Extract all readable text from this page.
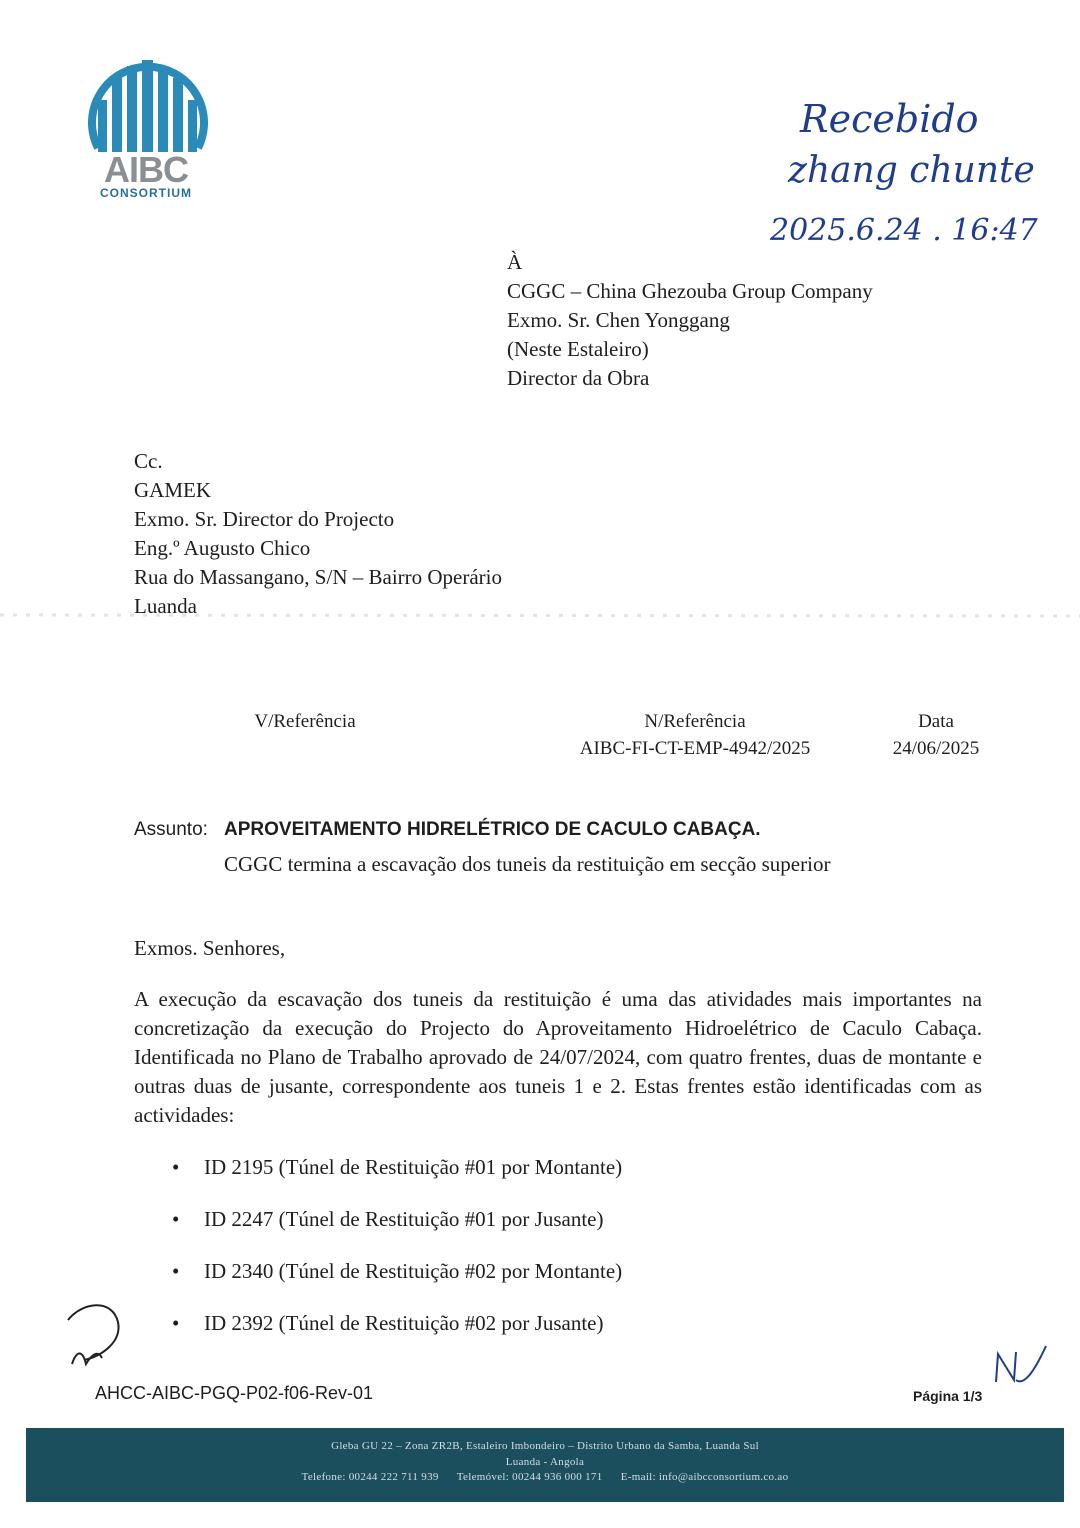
AIBC
CONSORTIUM
Recebido
zhang chunte
2025.6.24 . 16:47
À
CGGC – China Ghezouba Group Company
Exmo. Sr. Chen Yonggang
(Neste Estaleiro)
Director da Obra
Cc.
GAMEK
Exmo. Sr. Director do Projecto
Eng.º Augusto Chico
Rua do Massangano, S/N – Bairro Operário
Luanda
V/Referência	N/Referência
AIBC-FI-CT-EMP-4942/2025
Data
24/06/2025
Assunto: APROVEITAMENTO HIDRELÉTRICO DE CACULO CABAÇA.
CGGC termina a escavação dos tuneis da restituição em secção superior
Exmos. Senhores,
A execução da escavação dos tuneis da restituição é uma das atividades mais importantes na concretização da execução do Projecto do Aproveitamento Hidroelétrico de Caculo Cabaça. Identificada no Plano de Trabalho aprovado de 24/07/2024, com quatro frentes, duas de montante e outras duas de jusante, correspondente aos tuneis 1 e 2. Estas frentes estão identificadas com as actividades:
• ID 2195 (Túnel de Restituição #01 por Montante)
• ID 2247 (Túnel de Restituição #01 por Jusante)
• ID 2340 (Túnel de Restituição #02 por Montante)
• ID 2392 (Túnel de Restituição #02 por Jusante)
AHCC-AIBC-PGQ-P02-f06-Rev-01	Página 1/3
Gleba GU 22 – Zona ZR2B, Estaleiro Imbondeiro – Distrito Urbano da Samba, Luanda Sul
Luanda - Angola
Telefone: 00244 222 711 939      Telemóvel: 00244 936 000 171      E-mail: info@aibcconsortium.co.ao
